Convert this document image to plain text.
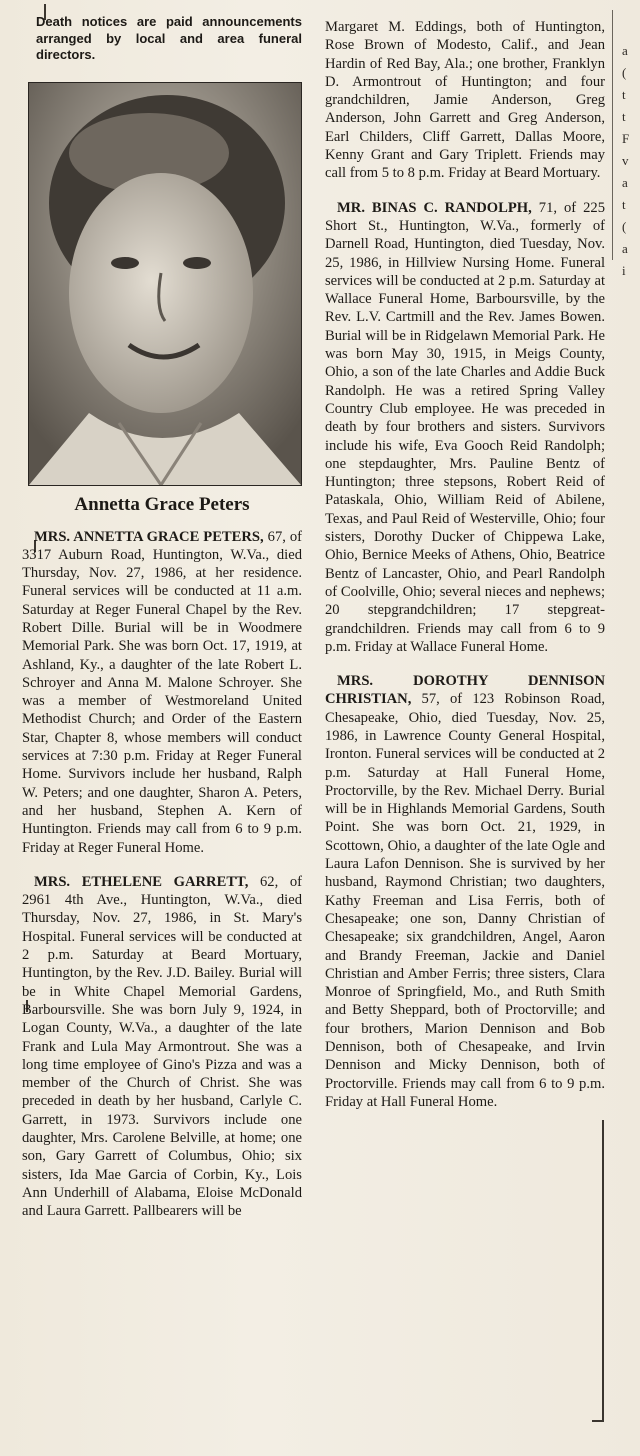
a
(
t
t
F
v
a
t
(
a
i
Death notices are paid announcements arranged by local and area funeral directors.
Annetta Grace Peters

MRS. ANNETTA GRACE PETERS, 67, of 3317 Auburn Road, Huntington, W.Va., died Thursday, Nov. 27, 1986, at her residence. Funeral services will be conducted at 11 a.m. Saturday at Reger Funeral Chapel by the Rev. Robert Dille. Burial will be in Woodmere Memorial Park. She was born Oct. 17, 1919, at Ashland, Ky., a daughter of the late Robert L. Schroyer and Anna M. Malone Schroyer. She was a member of Westmoreland United Methodist Church; and Order of the Eastern Star, Chapter 8, whose members will conduct services at 7:30 p.m. Friday at Reger Funeral Home. Survivors include her husband, Ralph W. Peters; and one daughter, Sharon A. Peters, and her husband, Stephen A. Kern of Huntington. Friends may call from 6 to 9 p.m. Friday at Reger Funeral Home.

MRS. ETHELENE GARRETT, 62, of 2961 4th Ave., Huntington, W.Va., died Thursday, Nov. 27, 1986, in St. Mary's Hospital. Funeral services will be conducted at 2 p.m. Saturday at Beard Mortuary, Huntington, by the Rev. J.D. Bailey. Burial will be in White Chapel Memorial Gardens, Barboursville. She was born July 9, 1924, in Logan County, W.Va., a daughter of the late Frank and Lula May Armontrout. She was a long time employee of Gino's Pizza and was a member of the Church of Christ. She was preceded in death by her husband, Carlyle C. Garrett, in 1973. Survivors include one daughter, Mrs. Carolene Belville, at home; one son, Gary Garrett of Columbus, Ohio; six sisters, Ida Mae Garcia of Corbin, Ky., Lois Ann Underhill of Alabama, Eloise McDonald and Laura Garrett. Pallbearers will be

Margaret M. Eddings, both of Huntington, Rose Brown of Modesto, Calif., and Jean Hardin of Red Bay, Ala.; one brother, Franklyn D. Armontrout of Huntington; and four grandchildren, Jamie Anderson, Greg Anderson, John Garrett and Greg Anderson, Earl Childers, Cliff Garrett, Dallas Moore, Kenny Grant and Gary Triplett. Friends may call from 5 to 8 p.m. Friday at Beard Mortuary.

MR. BINAS C. RANDOLPH, 71, of 225 Short St., Huntington, W.Va., formerly of Darnell Road, Huntington, died Tuesday, Nov. 25, 1986, in Hillview Nursing Home. Funeral services will be conducted at 2 p.m. Saturday at Wallace Funeral Home, Barboursville, by the Rev. L.V. Cartmill and the Rev. James Bowen. Burial will be in Ridgelawn Memorial Park. He was born May 30, 1915, in Meigs County, Ohio, a son of the late Charles and Addie Buck Randolph. He was a retired Spring Valley Country Club employee. He was preceded in death by four brothers and sisters. Survivors include his wife, Eva Gooch Reid Randolph; one stepdaughter, Mrs. Pauline Bentz of Huntington; three stepsons, Robert Reid of Pataskala, Ohio, William Reid of Abilene, Texas, and Paul Reid of Westerville, Ohio; four sisters, Dorothy Ducker of Chippewa Lake, Ohio, Bernice Meeks of Athens, Ohio, Beatrice Bentz of Lancaster, Ohio, and Pearl Randolph of Coolville, Ohio; several nieces and nephews; 20 stepgrandchildren; 17 stepgreat-grandchildren. Friends may call from 6 to 9 p.m. Friday at Wallace Funeral Home.

MRS. DOROTHY DENNISON CHRISTIAN, 57, of 123 Robinson Road, Chesapeake, Ohio, died Tuesday, Nov. 25, 1986, in Lawrence County General Hospital, Ironton. Funeral services will be conducted at 2 p.m. Saturday at Hall Funeral Home, Proctorville, by the Rev. Michael Derry. Burial will be in Highlands Memorial Gardens, South Point. She was born Oct. 21, 1929, in Scottown, Ohio, a daughter of the late Ogle and Laura Lafon Dennison. She is survived by her husband, Raymond Christian; two daughters, Kathy Freeman and Lisa Ferris, both of Chesapeake; one son, Danny Christian of Chesapeake; six grandchildren, Angel, Aaron and Brandy Freeman, Jackie and Daniel Christian and Amber Ferris; three sisters, Clara Monroe of Springfield, Mo., and Ruth Smith and Betty Sheppard, both of Proctorville; and four brothers, Marion Dennison and Bob Dennison, both of Chesapeake, and Irvin Dennison and Micky Dennison, both of Proctorville. Friends may call from 6 to 9 p.m. Friday at Hall Funeral Home.
